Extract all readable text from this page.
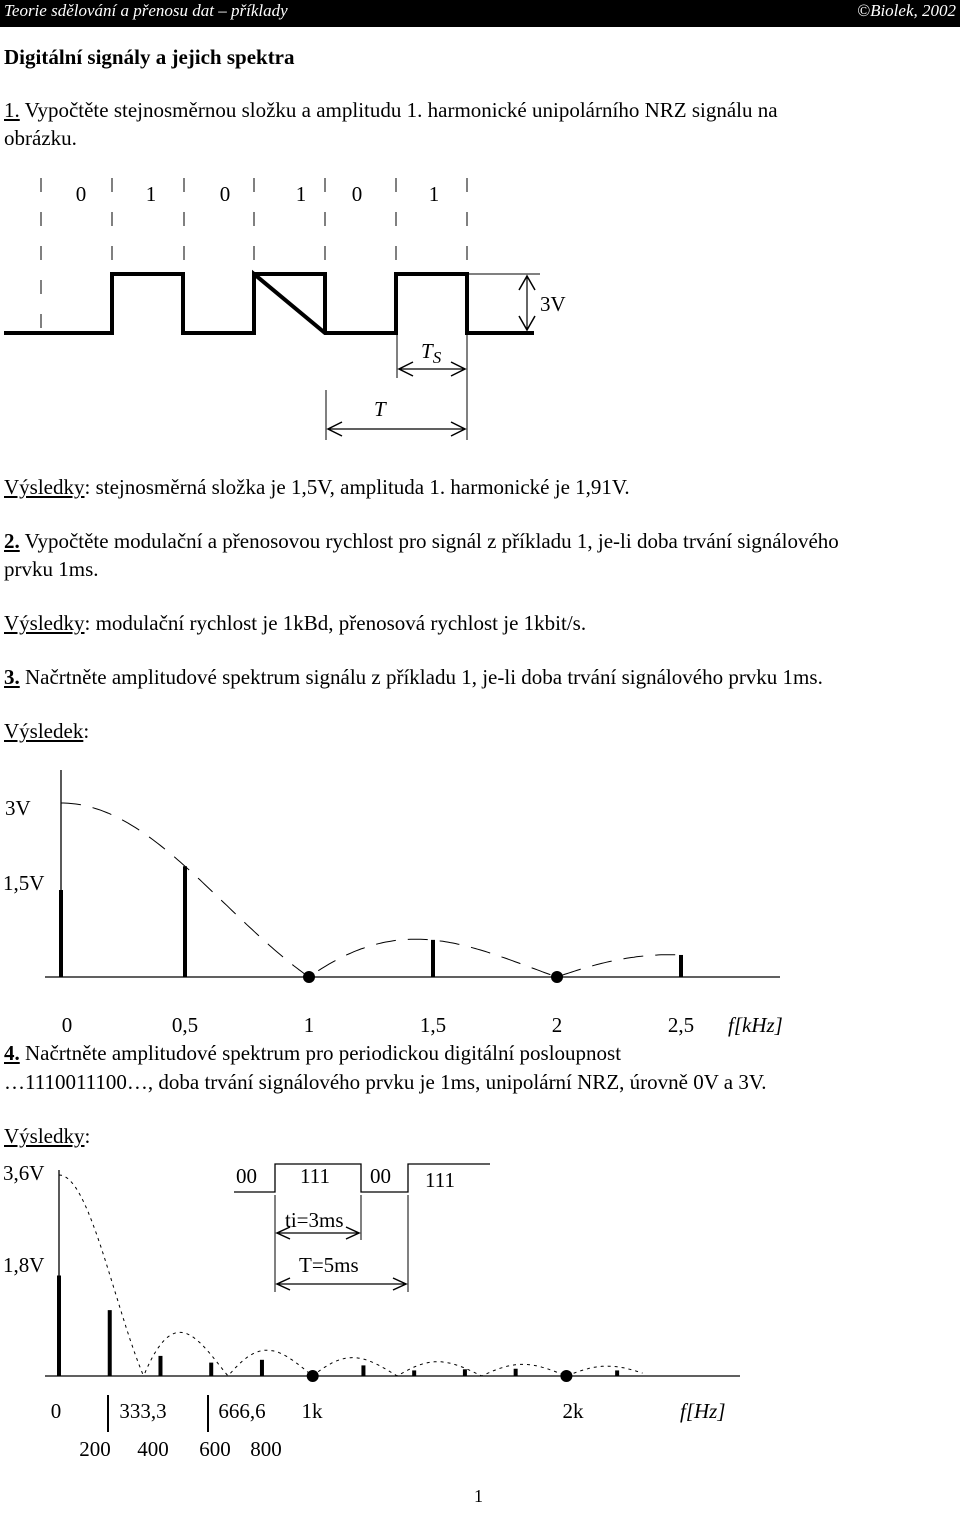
Teorie sdělování a přenosu dat – příklady	©Biolek, 2002
Digitální signály a jejich spektra
1. Vypočtěte stejnosměrnou složku a amplitudu 1. harmonické unipolárního NRZ signálu na
obrázku.
0	1	0	1 0	1
3V
$T_S$
T
Výsledky: stejnosměrná složka je 1,5V, amplituda 1. harmonické je 1,91V.
2. Vypočtěte modulační a přenosovou rychlost pro signál z příkladu 1, je-li doba trvání signálového
prvku 1ms.
Výsledky: modulační rychlost je 1kBd, přenosová rychlost je 1kbit/s.
3. Načrtněte amplitudové spektrum signálu z příkladu 1, je-li doba trvání signálového prvku 1ms.
Výsledek:
3V
1,5V
0	0,5	1	1,5	2	2,5 f[kHz]
4. Načrtněte amplitudové spektrum pro periodickou digitální posloupnost
…1110011100…, doba trvání signálového prvku je 1ms, unipolární NRZ, úrovně 0V a 3V.
Výsledky:
00 111 00 111
ti=3ms
T=5ms
3,6V
1,8V
0	333,3 666,6 1k	2k
200 400 600 800
f[Hz]
1
